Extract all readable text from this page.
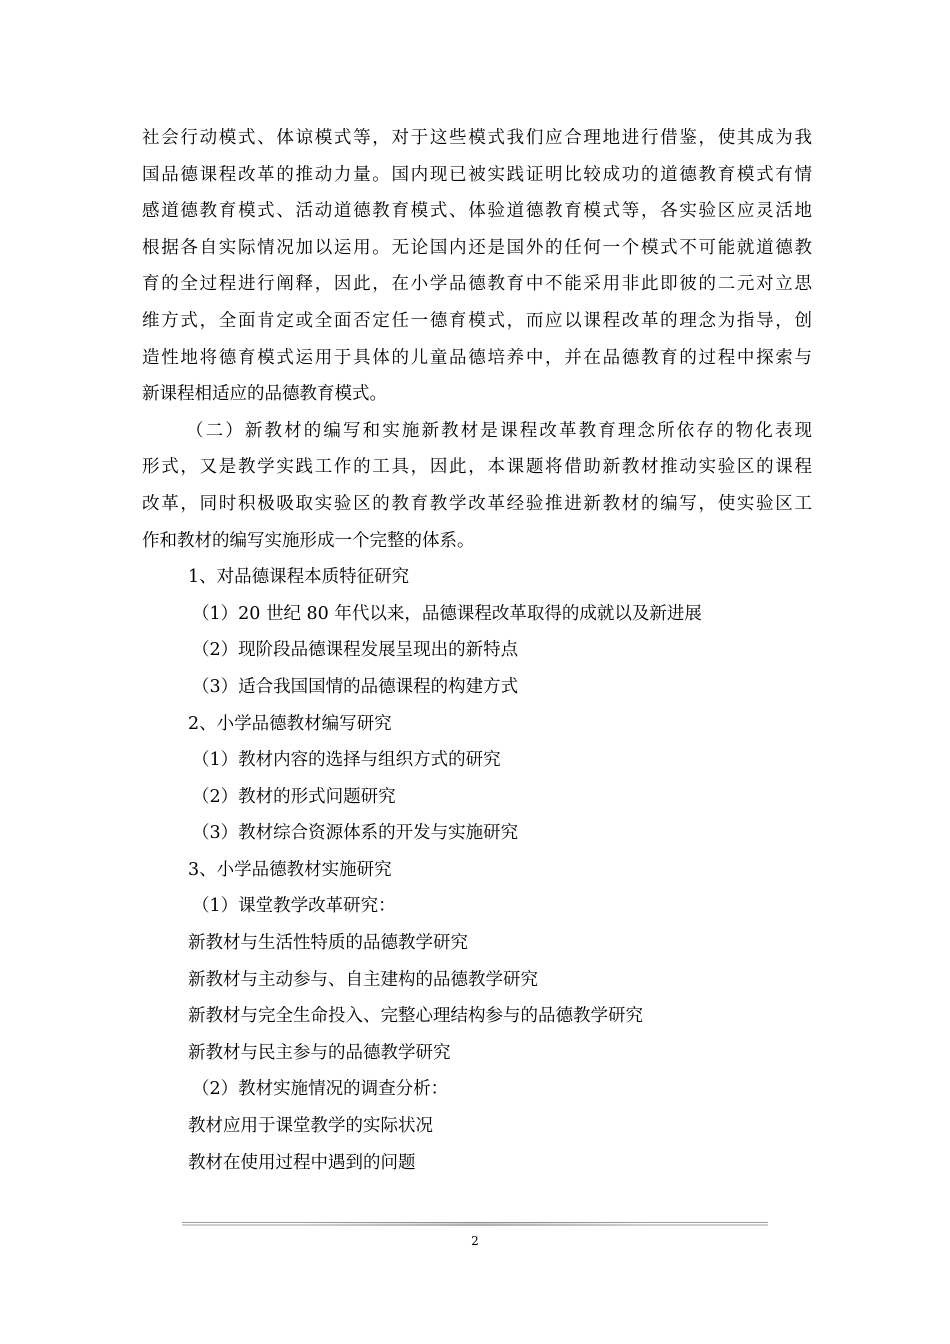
社会行动模式、体谅模式等，对于这些模式我们应合理地进行借鉴，使其成为我

国品德课程改革的推动力量。国内现已被实践证明比较成功的道德教育模式有情

感道德教育模式、活动道德教育模式、体验道德教育模式等，各实验区应灵活地

根据各自实际情况加以运用。无论国内还是国外的任何一个模式不可能就道德教

育的全过程进行阐释，因此，在小学品德教育中不能采用非此即彼的二元对立思

维方式，全面肯定或全面否定任一德育模式，而应以课程改革的理念为指导，创

造性地将德育模式运用于具体的儿童品德培养中，并在品德教育的过程中探索与

新课程相适应的品德教育模式。

（二）新教材的编写和实施新教材是课程改革教育理念所依存的物化表现

形式，又是教学实践工作的工具，因此，本课题将借助新教材推动实验区的课程

改革，同时积极吸取实验区的教育教学改革经验推进新教材的编写，使实验区工

作和教材的编写实施形成一个完整的体系。

1、对品德课程本质特征研究

（1）20 世纪 80 年代以来，品德课程改革取得的成就以及新进展

（2）现阶段品德课程发展呈现出的新特点

（3）适合我国国情的品德课程的构建方式

2、小学品德教材编写研究

（1）教材内容的选择与组织方式的研究

（2）教材的形式问题研究

（3）教材综合资源体系的开发与实施研究

3、小学品德教材实施研究

（1）课堂教学改革研究：

新教材与生活性特质的品德教学研究

新教材与主动参与、自主建构的品德教学研究

新教材与完全生命投入、完整心理结构参与的品德教学研究

新教材与民主参与的品德教学研究

（2）教材实施情况的调查分析：

教材应用于课堂教学的实际状况

教材在使用过程中遇到的问题

2
